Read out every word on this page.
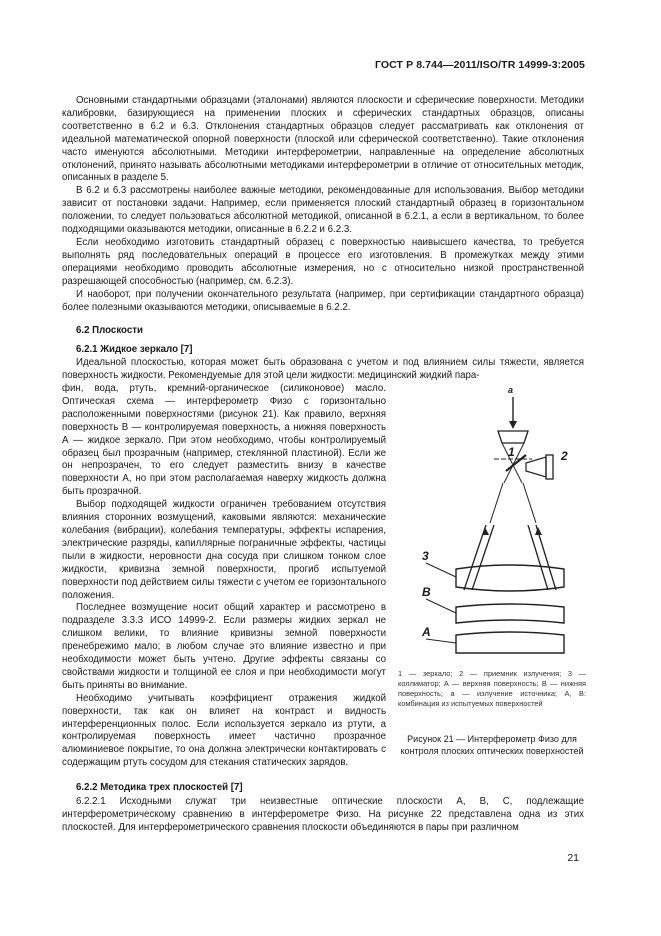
ГОСТ Р 8.744—2011/ISO/TR 14999-3:2005

Основными стандартными образцами (эталонами) являются плоскости и сферические поверхности. Методики калибровки, базирующиеся на применении плоских и сферических стандартных образцов, описаны соответственно в 6.2 и 6.3. Отклонения стандартных образцов следует рассматривать как отклонения от идеальной математической опорной поверхности (плоской или сферической соответственно). Такие отклонения часто именуются абсолютными. Методики интерферометрии, направленные на определение абсолютных отклонений, принято называть абсолютными методиками интерферометрии в отличие от относительных методик, описанных в разделе 5.

В 6.2 и 6.3 рассмотрены наиболее важные методики, рекомендованные для использования. Выбор методики зависит от постановки задачи. Например, если применяется плоский стандартный образец в горизонтальном положении, то следует пользоваться абсолютной методикой, описанной в 6.2.1, а если в вертикальном, то более подходящими оказываются методики, описанные в 6.2.2 и 6.2.3.

Если необходимо изготовить стандартный образец с поверхностью наивысшего качества, то требуется выполнять ряд последовательных операций в процессе его изготовления. В промежутках между этими операциями необходимо проводить абсолютные измерения, но с относительно низкой пространственной разрешающей способностью (например, см. 6.2.3).

И наоборот, при получении окончательного результата (например, при сертификации стандартного образца) более полезными оказываются методики, описываемые в 6.2.2.

6.2 Плоскости
6.2.1 Жидкое зеркало [7]

Идеальной плоскостью, которая может быть образована с учетом и под влиянием силы тяжести, является поверхность жидкости. Рекомендуемые для этой цели жидкости: медицинский жидкий пара-

фин, вода, ртуть, кремний-органическое (силиконовое) масло. Оптическая схема — интерферометр Физо с горизонтально расположенными поверхностями (рисунок 21). Как правило, верхняя поверхность В — контролируемая поверхность, а нижняя поверхность А — жидкое зеркало. При этом необходимо, чтобы контролируемый образец был прозрачным (например, стеклянной пластиной). Если же он непрозрачен, то его следует разместить внизу в качестве поверхности А, но при этом располагаемая наверху жидкость должна быть прозрачной.

Выбор подходящей жидкости ограничен требованием отсутствия влияния сторонних возмущений, каковыми являются: механические колебания (вибрации), колебания температуры, эффекты испарения, электрические разряды, капиллярные пограничные эффекты, частицы пыли в жидкости, неровности дна сосуда при слишком тонком слое жидкости, кривизна земной поверхности, прогиб испытуемой поверхности под действием силы тяжести с учетом ее горизонтального положения.

Последнее возмущение носит общий характер и рассмотрено в подразделе 3.3.3 ИСО 14999-2. Если размеры жидких зеркал не слишком велики, то влияние кривизны земной поверхности пренебрежимо мало; в любом случае это влияние известно и при необходимости может быть учтено. Другие эффекты связаны со свойствами жидкости и толщиной ее слоя и при необходимости могут быть приняты во внимание.

Необходимо учитывать коэффициент отражения жидкой поверхности, так как он влияет на контраст и видность интерференционных полос. Если используется зеркало из ртути, а контролируемая поверхность имеет частично прозрачное алюминиевое покрытие, то она должна электрически контактировать с содержащим ртуть сосудом для стекания статических зарядов.

6.2.2 Методика трех плоскостей [7]

6.2.2.1 Исходными служат три неизвестные оптические плоскости А, В, С, подлежащие интерферометрическому сравнению в интерферометре Физо. На рисунке 22 представлена одна из этих плоскостей. Для интерферометрического сравнения плоскости объединяются в пары при различном

а
1	2
3
В
А
1 — зеркало; 2 — приемник излучения; 3 — коллиматор; А — верхняя поверхность; В — нижняя поверхность; а — излучение источника; А, В: комбинация из испытуемых поверхностей
Рисунок 21 — Интерферометр Физо для контроля плоских оптических поверхностей
21
